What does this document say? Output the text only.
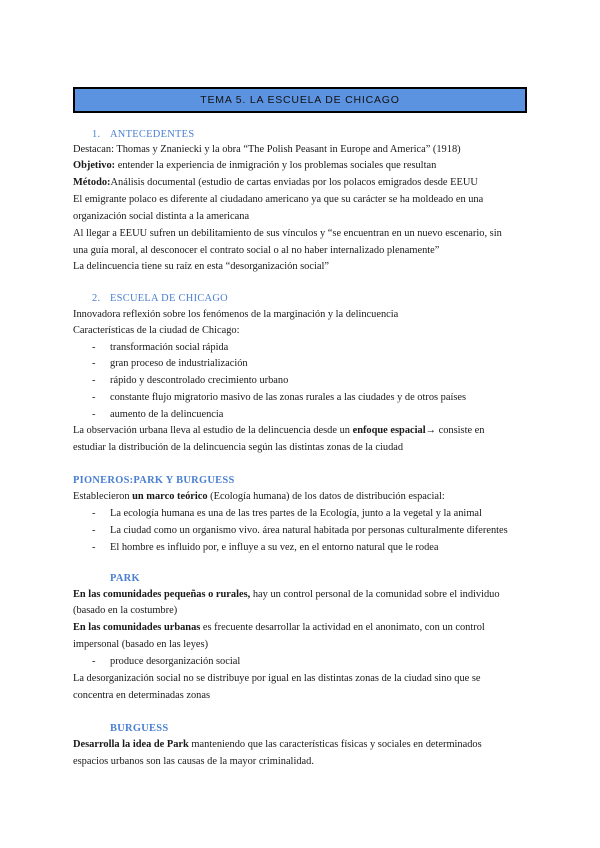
TEMA 5. LA ESCUELA DE CHICAGO
1. ANTECEDENTES
Destacan: Thomas y Znaniecki y la obra “The Polish Peasant in Europe and America” (1918)
Objetivo: entender la experiencia de inmigración y los problemas sociales que resultan
Método:Análisis documental (estudio de cartas enviadas por los polacos emigrados desde EEUU
El emigrante polaco es diferente al ciudadano americano ya que su carácter se ha moldeado en una
organización social distinta a la americana
Al llegar a EEUU sufren un debilitamiento de sus vínculos y “se encuentran en un nuevo escenario, sin
una guía moral, al desconocer el contrato social o al no haber internalizado plenamente”
La delincuencia tiene su raíz en esta “desorganización social”
2. ESCUELA DE CHICAGO
Innovadora reflexión sobre los fenómenos de la marginación y la delincuencia
Características de la ciudad de Chicago:
- transformación social rápida
- gran proceso de industrialización
- rápido y descontrolado crecimiento urbano
- constante flujo migratorio masivo de las zonas rurales a las ciudades y de otros países
- aumento de la delincuencia
La observación urbana lleva al estudio de la delincuencia desde un enfoque espacial→ consiste en
estudiar la distribución de la delincuencia según las distintas zonas de la ciudad
PIONEROS:PARK Y BURGUESS
Establecieron un marco teórico (Ecología humana) de los datos de distribución espacial:
- La ecología humana es una de las tres partes de la Ecología, junto a la vegetal y la animal
- La ciudad como un organismo vivo. área natural habitada por personas culturalmente diferentes
- El hombre es influido por, e influye a su vez, en el entorno natural que le rodea
PARK
En las comunidades pequeñas o rurales, hay un control personal de la comunidad sobre el individuo
(basado en la costumbre)
En las comunidades urbanas es frecuente desarrollar la actividad en el anonimato, con un control
impersonal (basado en las leyes)
- produce desorganización social
La desorganización social no se distribuye por igual en las distintas zonas de la ciudad sino que se
concentra en determinadas zonas
BURGUESS
Desarrolla la idea de Park manteniendo que las características físicas y sociales en determinados
espacios urbanos son las causas de la mayor criminalidad.
